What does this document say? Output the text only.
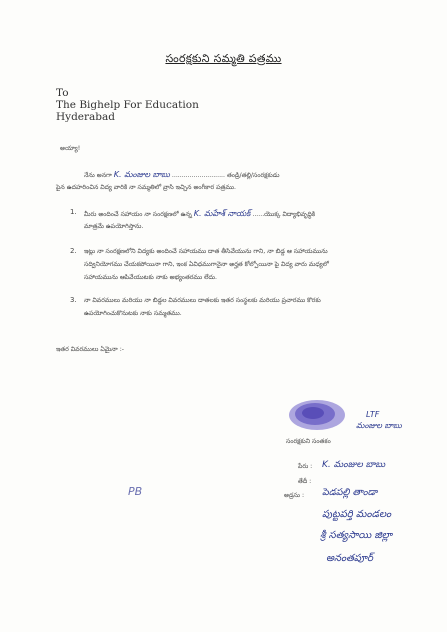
సంరక్షకుని సమ్మతి పత్రము
To
The Bighelp For Education
Hyderabad
అయ్యా!
నేను అనగా K. మంజుల బాబు ........................... తండ్రి/తల్లి/సంరక్షకుడు
పైన ఉదహరించిన విద్య వారికి నా సమ్మతిలో వ్రాసి ఇచ్చిన అంగీకార పత్రము.
1. మీరు అందించే సహాయం నా సంరక్షణలో ఉన్న K. మహేశ్ నాయక్ ......యొక్క విద్యాభివృద్ధికి
మాత్రమే ఉపయోగిస్తాను.
2. ఇట్లు నా సంరక్షణలోని విద్యకు అందించే సహాయము దాత తీసివేయును గాని, నా బిడ్డ ఆ సహాయమును
సద్వినియోగము చేయకపోయినా గాని, ఇంక ఏవిధముగానైనా అర్హత కోల్పోయినా పై విద్య వారు మధ్యలో
సహాయమును ఆపివేయుటకు నాకు అభ్యంతరము లేదు.
3. నా వివరములు మరియు నా బిడ్డల వివరములు దాతలకు ఇతర సంస్థలకు మరియు ప్రచారము కొరకు
ఉపయోగించుకొనుటకు నాకు సమ్మతము.
ఇతర వివరములు ఏమైనా :-
LTF
మంజుల బాబు
సంరక్షకుని సంతకం
పేరు : K. మంజుల బాబు
తేదీ :
అడ్రసు : పెడపల్లి తాండా
పుట్టపర్తి మండలం
శ్రీ సత్యసాయి జిల్లా
అనంతపూర్
PB
